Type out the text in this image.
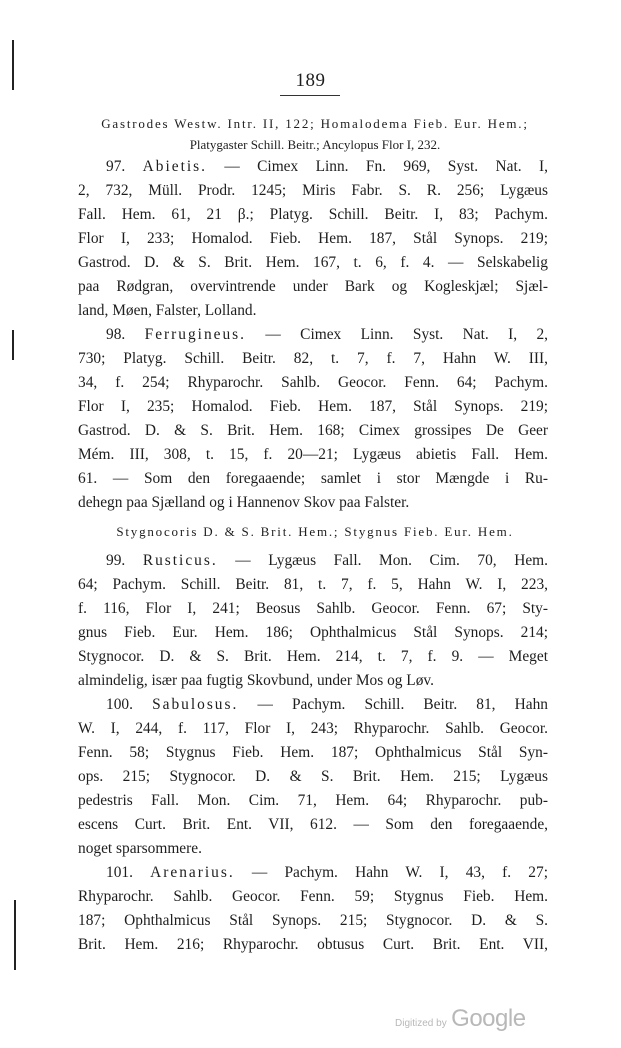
189

Gastrodes Westw. Intr. II, 122; Homalodema Fieb. Eur. Hem.;
Platygaster Schill. Beitr.; Ancylopus Flor I, 232.

97. Abietis. — Cimex Linn. Fn. 969, Syst. Nat. I,
2, 732, Müll. Prodr. 1245; Miris Fabr. S. R. 256; Lygæus
Fall. Hem. 61, 21 β.; Platyg. Schill. Beitr. I, 83; Pachym.
Flor I, 233; Homalod. Fieb. Hem. 187, Stål Synops. 219;
Gastrod. D. & S. Brit. Hem. 167, t. 6, f. 4. — Selskabelig
paa Rødgran, overvintrende under Bark og Kogleskjæl; Sjæl-
land, Møen, Falster, Lolland.
98. Ferrugineus. — Cimex Linn. Syst. Nat. I, 2,
730; Platyg. Schill. Beitr. 82, t. 7, f. 7, Hahn W. III,
34, f. 254; Rhyparochr. Sahlb. Geocor. Fenn. 64; Pachym.
Flor I, 235; Homalod. Fieb. Hem. 187, Stål Synops. 219;
Gastrod. D. & S. Brit. Hem. 168; Cimex grossipes De Geer
Mém. III, 308, t. 15, f. 20—21; Lygæus abietis Fall. Hem.
61. — Som den foregaaende; samlet i stor Mængde i Ru-
dehegn paa Sjælland og i Hannenov Skov paa Falster.

Stygnocoris D. & S. Brit. Hem.; Stygnus Fieb. Eur. Hem.

99. Rusticus. — Lygæus Fall. Mon. Cim. 70, Hem.
64; Pachym. Schill. Beitr. 81, t. 7, f. 5, Hahn W. I, 223,
f. 116, Flor I, 241; Beosus Sahlb. Geocor. Fenn. 67; Sty-
gnus Fieb. Eur. Hem. 186; Ophthalmicus Stål Synops. 214;
Stygnocor. D. & S. Brit. Hem. 214, t. 7, f. 9. — Meget
almindelig, især paa fugtig Skovbund, under Mos og Løv.
100. Sabulosus. — Pachym. Schill. Beitr. 81, Hahn
W. I, 244, f. 117, Flor I, 243; Rhyparochr. Sahlb. Geocor.
Fenn. 58; Stygnus Fieb. Hem. 187; Ophthalmicus Stål Syn-
ops. 215; Stygnocor. D. & S. Brit. Hem. 215; Lygæus
pedestris Fall. Mon. Cim. 71, Hem. 64; Rhyparochr. pub-
escens Curt. Brit. Ent. VII, 612. — Som den foregaaende,
noget sparsommere.
101. Arenarius. — Pachym. Hahn W. I, 43, f. 27;
Rhyparochr. Sahlb. Geocor. Fenn. 59; Stygnus Fieb. Hem.
187; Ophthalmicus Stål Synops. 215; Stygnocor. D. & S.
Brit. Hem. 216; Rhyparochr. obtusus Curt. Brit. Ent. VII,
Digitized by Google
